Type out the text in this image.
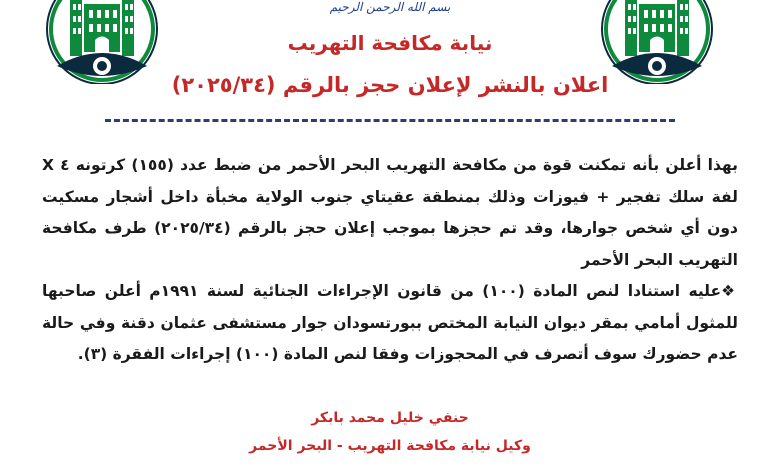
بسم الله الرحمن الرحيم
نيابة مكافحة التهريب
اعلان بالنشر لإعلان حجز بالرقم (٢٠٢٥/٣٤)

بهذا أعلن بأنه تمكنت قوة من مكافحة التهريب البحر الأحمر من ضبط عدد (١٥٥) كرتونه ٤ X لفة سلك تفجير + فيوزات وذلك بمنطقة عقيتاي جنوب الولاية مخبأة داخل أشجار مسكيت دون أي شخص جوارها، وقد تم حجزها بموجب إعلان حجز بالرقم (٢٠٢٥/٣٤) طرف مكافحة التهريب البحر الأحمر

❖عليه استنادا لنص المادة (١٠٠) من قانون الإجراءات الجنائية لسنة ١٩٩١م أعلن صاحبها للمثول أمامي بمقر ديوان النيابة المختص ببورتسودان جوار مستشفى عثمان دقنة وفي حالة عدم حضورك سوف أتصرف في المحجوزات وفقا لنص المادة (١٠٠) إجراءات الفقرة (٣).

حنفي خليل محمد بابكر
وكيل نيابة مكافحة التهريب - البحر الأحمر
